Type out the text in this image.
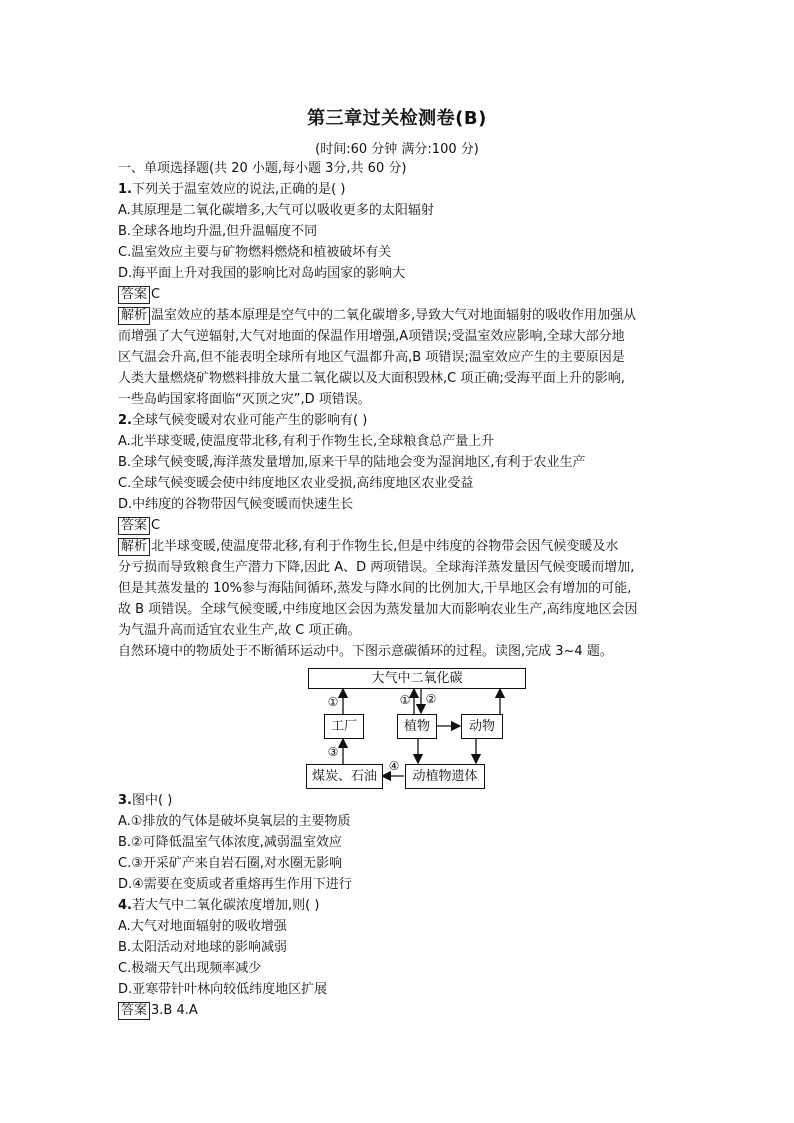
第三章过关检测卷(B)
(时间:60 分钟 满分:100 分)
一、单项选择题(共 20 小题,每小题 3分,共 60 分)
1.下列关于温室效应的说法,正确的是( )
A.其原理是二氧化碳增多,大气可以吸收更多的太阳辐射
B.全球各地均升温,但升温幅度不同
C.温室效应主要与矿物燃料燃烧和植被破坏有关
D.海平面上升对我国的影响比对岛屿国家的影响大
答案 C
解析 温室效应的基本原理是空气中的二氧化碳增多,导致大气对地面辐射的吸收作用加强从
而增强了大气逆辐射,大气对地面的保温作用增强,A项错误;受温室效应影响,全球大部分地
区气温会升高,但不能表明全球所有地区气温都升高,B 项错误;温室效应产生的主要原因是
人类大量燃烧矿物燃料排放大量二氧化碳以及大面积毁林,C 项正确;受海平面上升的影响,
一些岛屿国家将面临“灭顶之灾”,D 项错误。
2.全球气候变暖对农业可能产生的影响有( )
A.北半球变暖,使温度带北移,有利于作物生长,全球粮食总产量上升
B.全球气候变暖,海洋蒸发量增加,原来干旱的陆地会变为湿润地区,有利于农业生产
C.全球气候变暖会使中纬度地区农业受损,高纬度地区农业受益
D.中纬度的谷物带因气候变暖而快速生长
答案 C
解析 北半球变暖,使温度带北移,有利于作物生长,但是中纬度的谷物带会因气候变暖及水
分亏损而导致粮食生产潜力下降,因此 A、D 两项错误。全球海洋蒸发量因气候变暖而增加,
但是其蒸发量的 10%参与海陆间循环,蒸发与降水间的比例加大,干旱地区会有增加的可能,
故 B 项错误。全球气候变暖,中纬度地区会因为蒸发量加大而影响农业生产,高纬度地区会因
为气温升高而适宜农业生产,故 C 项正确。
自然环境中的物质处于不断循环运动中。下图示意碳循环的过程。读图,完成 3~4 题。
大气中二氧化碳
工厂	植物	动物
煤炭、石油	动植物遗体
①	① ②
③
④
3.图中( )
A.①排放的气体是破坏臭氧层的主要物质
B.②可降低温室气体浓度,减弱温室效应
C.③开采矿产来自岩石圈,对水圈无影响
D.④需要在变质或者重熔再生作用下进行
4.若大气中二氧化碳浓度增加,则( )
A.大气对地面辐射的吸收增强
B.太阳活动对地球的影响减弱
C.极端天气出现频率减少
D.亚寒带针叶林向较低纬度地区扩展
答案 3.B 4.A
